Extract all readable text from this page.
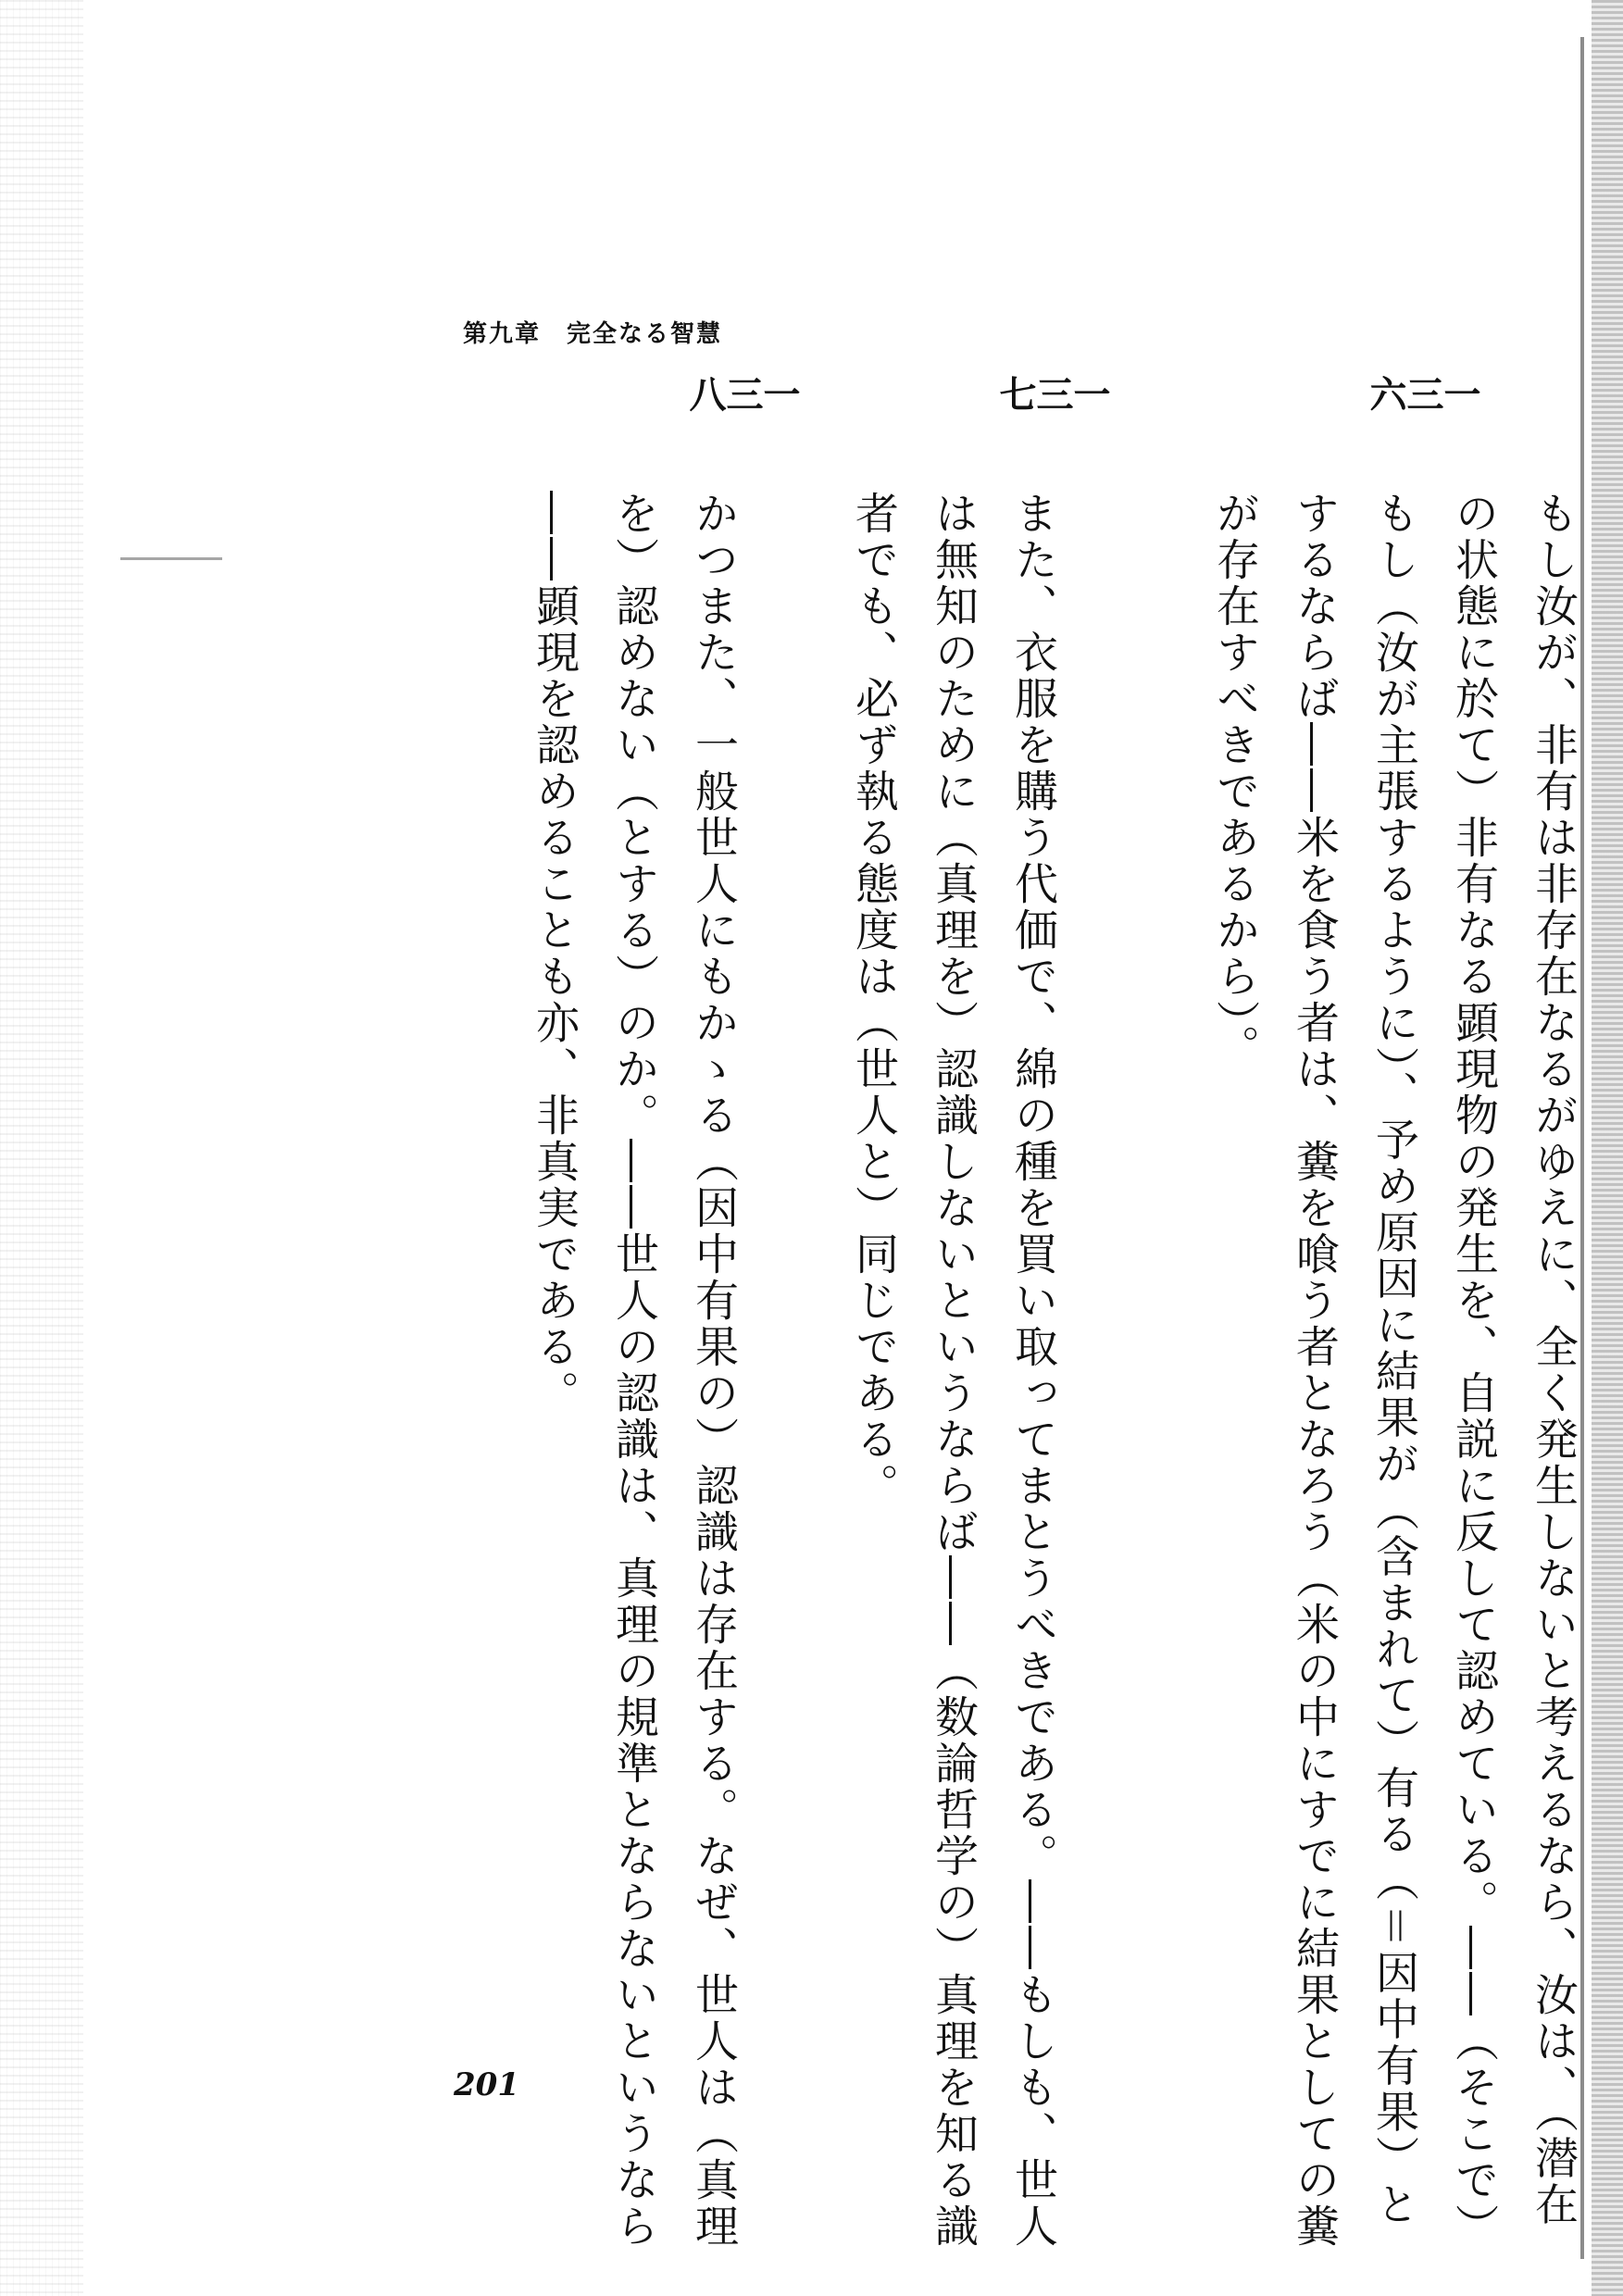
第九章　完全なる智慧
一三六
もし汝が、非有は非存在なるがゆえに、全く発生しないと考えるなら、汝は、（潜在の状態に於て）非有なる顕現物の発生を、自説に反して認めている。――（そこで）もし（汝が主張するように）、予め原因に結果が（含まれて）有る（＝因中有果）とするならば――米を食う者は、糞を喰う者となろう（米の中にすでに結果としての糞が存在すべきであるから）。
一三七
また、衣服を購う代価で、綿の種を買い取ってまとうべきである。――もしも、世人は無知のために（真理を）認識しないというならば――（数論哲学の）真理を知る識者でも、必ず執る態度は（世人と）同じである。
一三八
かつまた、一般世人にもかゝる（因中有果の）認識は存在する。なぜ、世人は（真理を）認めない（とする）のか。――世人の認識は、真理の規準とならないというなら――顕現を認めることも亦、非真実である。
201
